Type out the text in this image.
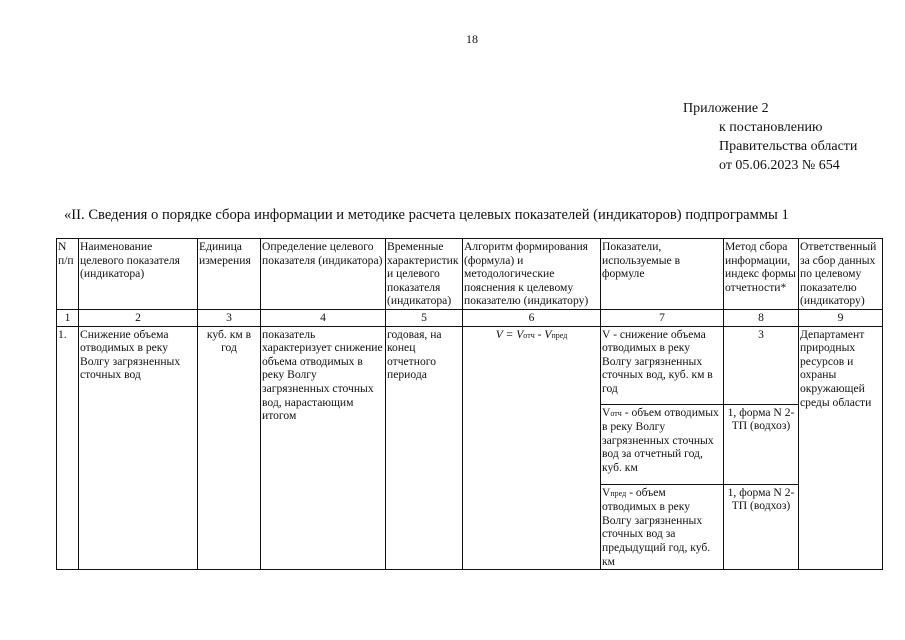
18
Приложение 2
к постановлению
Правительства области
от 05.06.2023 № 654
«II. Сведения о порядке сбора информации и методике расчета целевых показателей (индикаторов) подпрограммы 1
N п/п	Наименование целевого показателя (индикатора)	Единица измерения	Определение целевого показателя (индикатора)	Временные характеристики целевого показателя (индикатора)	Алгоритм формирования (формула) и методологические пояснения к целевому показателю (индикатору)	Показатели, используемые в формуле	Метод сбора информации, индекс формы отчетности*	Ответственный за сбор данных по целевому показателю (индикатору)
1	2	3	4	5	6	7	8	9
1.	Снижение объема отводимых в реку Волгу загрязненных сточных вод	куб. км в год	показатель характеризует снижение объема отводимых в реку Волгу загрязненных сточных вод, нарастающим итогом	годовая, на конец отчетного периода	V = Vотч - Vпред	V - снижение объема отводимых в реку Волгу загрязненных сточных вод, куб. км в год	3	Департамент природных ресурсов и охраны окружающей среды области
						Vотч - объем отводимых в реку Волгу загрязненных сточных вод за отчетный год, куб. км	1, форма N 2-ТП (водхоз)	
						Vпред - объем отводимых в реку Волгу загрязненных сточных вод за предыдущий год, куб. км	1, форма N 2-ТП (водхоз)	
